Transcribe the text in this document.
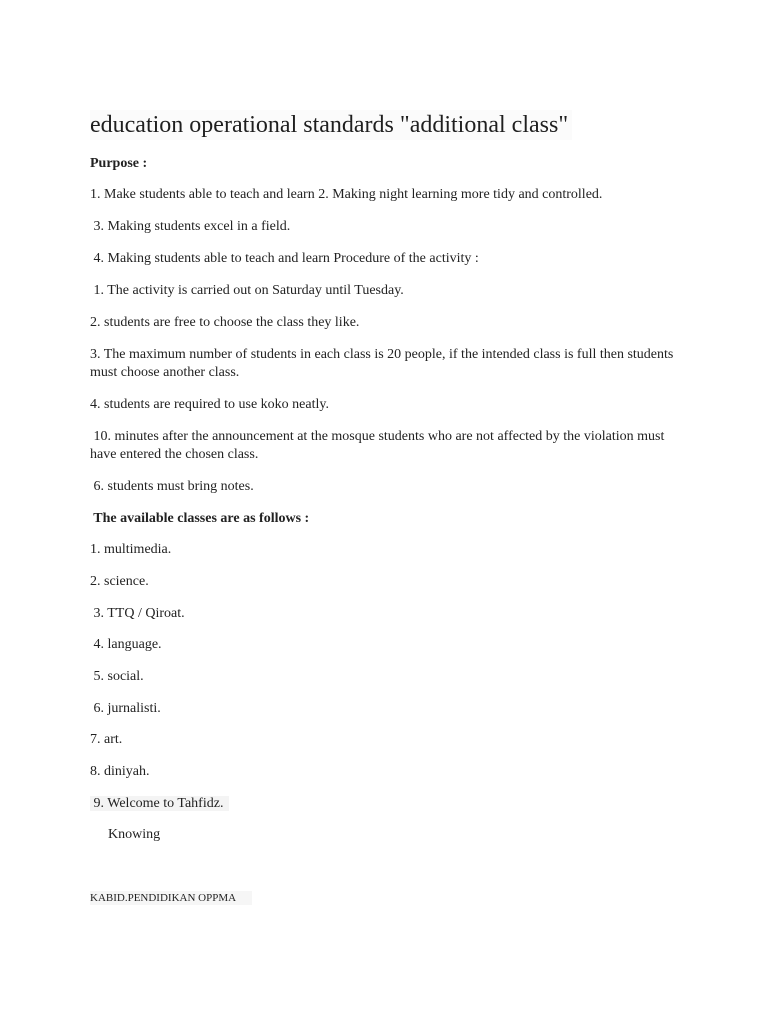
education operational standards "additional class"
Purpose :
1. Make students able to teach and learn 2. Making night learning more tidy and controlled.
3. Making students excel in a field.
4. Making students able to teach and learn Procedure of the activity :
1. The activity is carried out on Saturday until Tuesday.
2. students are free to choose the class they like.
3. The maximum number of students in each class is 20 people, if the intended class is full then students must choose another class.
4. students are required to use koko neatly.
10. minutes after the announcement at the mosque students who are not affected by the violation must have entered the chosen class.
6. students must bring notes.
The available classes are as follows :
1. multimedia.
2. science.
3. TTQ / Qiroat.
4. language.
5. social.
6. jurnalisti.
7. art.
8. diniyah.
9. Welcome to Tahfidz.
Knowing
KABID.PENDIDIKAN OPPMA
